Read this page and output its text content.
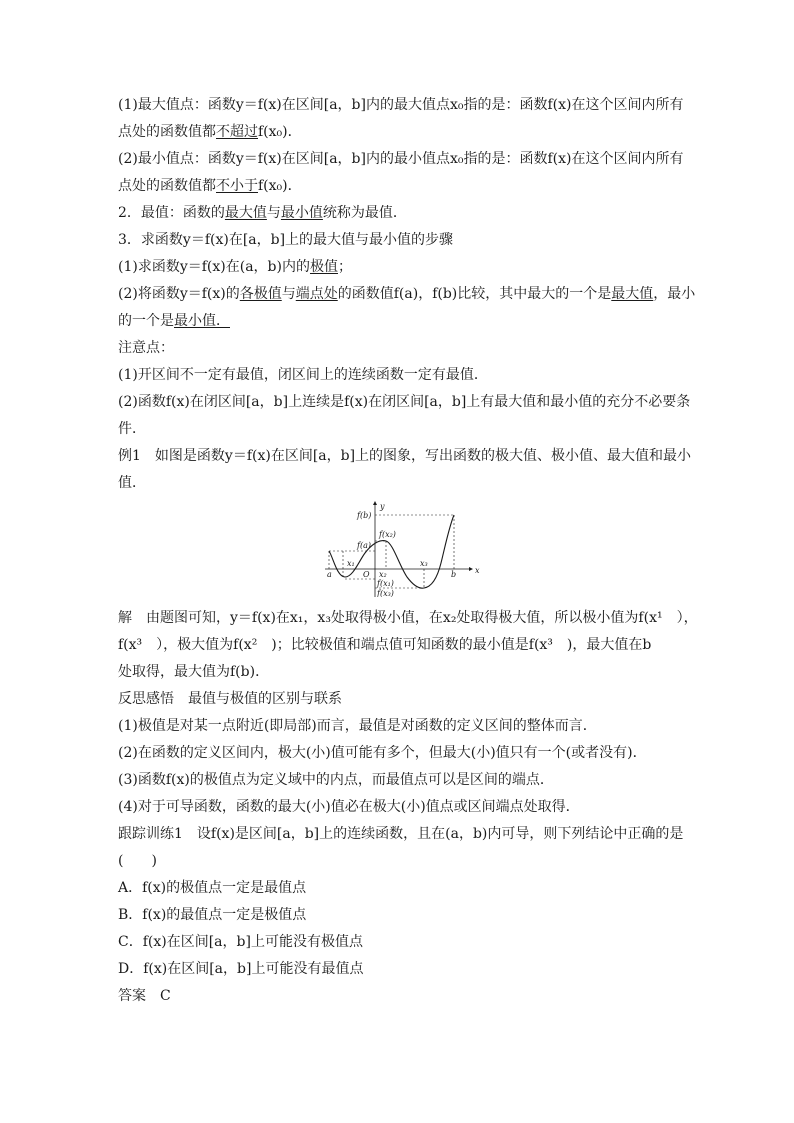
(1)最大值点：函数y＝f(x)在区间[a，b]内的最大值点x₀指的是：函数f(x)在这个区间内所有
点处的函数值都不超过f(x₀)．
(2)最小值点：函数y＝f(x)在区间[a，b]内的最小值点x₀指的是：函数f(x)在这个区间内所有
点处的函数值都不小于f(x₀)．
2．最值：函数的最大值与最小值统称为最值．
3．求函数y＝f(x)在[a，b]上的最大值与最小值的步骤
(1)求函数y＝f(x)在(a，b)内的极值；
(2)将函数y＝f(x)的各极值与端点处的函数值f(a)，f(b)比较，其中最大的一个是最大值，最小
的一个是最小值．
注意点：
(1)开区间不一定有最值，闭区间上的连续函数一定有最值．
(2)函数f(x)在闭区间[a，b]上连续是f(x)在闭区间[a，b]上有最大值和最小值的充分不必要条
件．
例1　如图是函数y＝f(x)在区间[a，b]上的图象，写出函数的极大值、极小值、最大值和最小
值．
y
x
O
a	b
x₁
x₂
x₃
f(b)
f(a)
f(x₂)
f(x₁)
f(x₃)
解　由题图可知，y＝f(x)在x₁，x₃处取得极小值，在x₂处取得极大值，所以极小值为f(x¹　），
f(x³　），极大值为f(x²　)；比较极值和端点值可知函数的最小值是f(x³　)，最大值在b
处取得，最大值为f(b)．
反思感悟　最值与极值的区别与联系
(1)极值是对某一点附近(即局部)而言，最值是对函数的定义区间的整体而言．
(2)在函数的定义区间内，极大(小)值可能有多个，但最大(小)值只有一个(或者没有)．
(3)函数f(x)的极值点为定义域中的内点，而最值点可以是区间的端点．
(4)对于可导函数，函数的最大(小)值必在极大(小)值点或区间端点处取得．
跟踪训练1　设f(x)是区间[a，b]上的连续函数，且在(a，b)内可导，则下列结论中正确的是
(　　)
A．f(x)的极值点一定是最值点
B．f(x)的最值点一定是极值点
C．f(x)在区间[a，b]上可能没有极值点
D．f(x)在区间[a，b]上可能没有最值点
答案　C
